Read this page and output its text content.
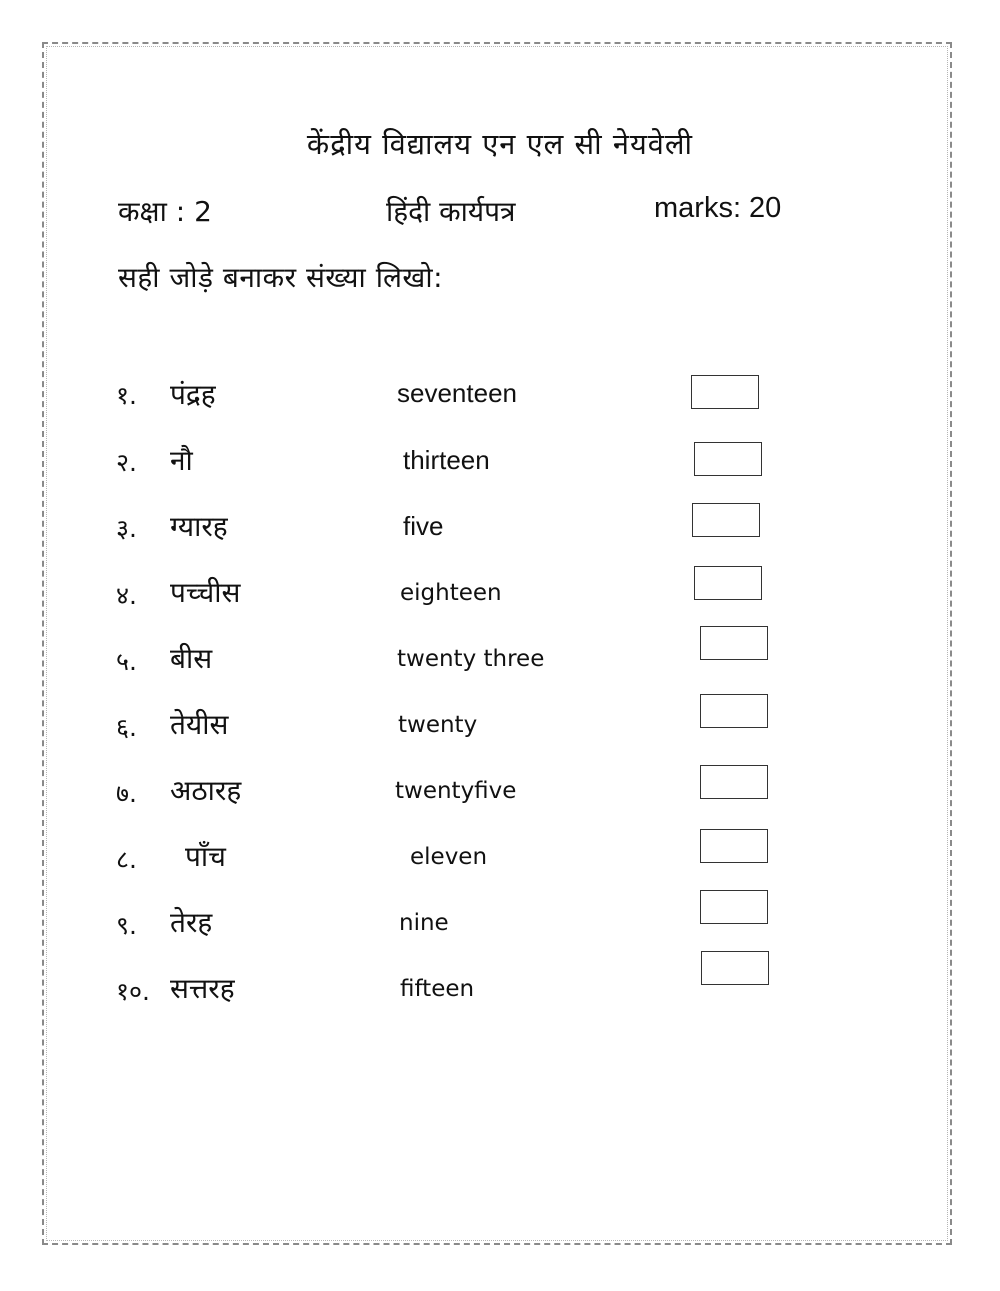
केंद्रीय विद्यालय एन एल सी नेयवेली
कक्षा : 2	हिंदी कार्यपत्र	marks: 20
सही जोड़े बनाकर संख्या लिखो:
१. पंद्रह	seventeen
२. नौ	thirteen
३. ग्यारह	five
४. पच्चीस	eighteen
५. बीस	twenty three
६. तेयीस	twenty
७. अठारह	twentyfive
८. पाँच	eleven
९. तेरह	nine
१०. सत्तरह	fifteen
